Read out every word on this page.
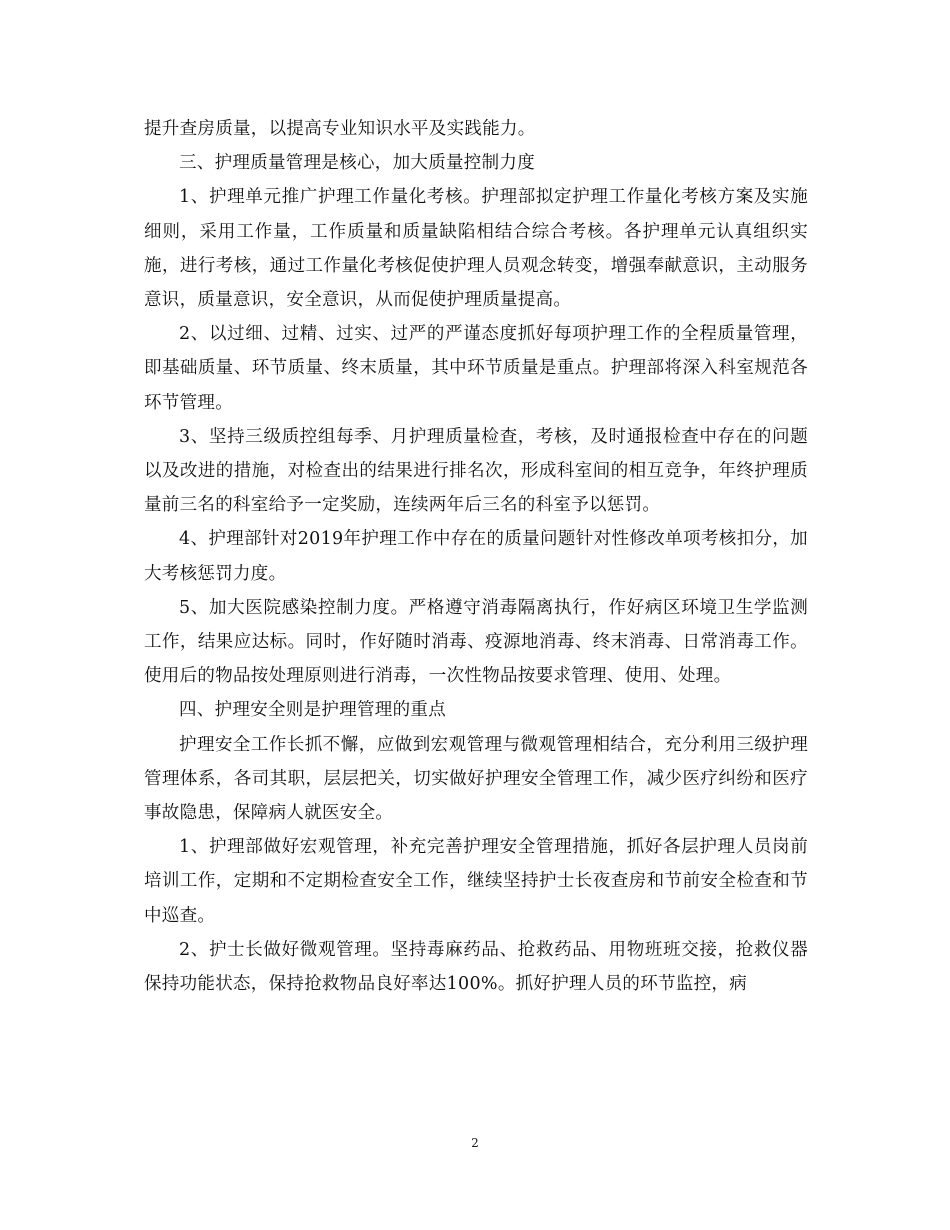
提升查房质量，以提高专业知识水平及实践能力。

三、护理质量管理是核心，加大质量控制力度

1、护理单元推广护理工作量化考核。护理部拟定护理工作量化考核方案及实施细则，采用工作量，工作质量和质量缺陷相结合综合考核。各护理单元认真组织实施，进行考核，通过工作量化考核促使护理人员观念转变，增强奉献意识，主动服务意识，质量意识，安全意识，从而促使护理质量提高。

2、以过细、过精、过实、过严的严谨态度抓好每项护理工作的全程质量管理，即基础质量、环节质量、终末质量，其中环节质量是重点。护理部将深入科室规范各环节管理。

3、坚持三级质控组每季、月护理质量检查，考核，及时通报检查中存在的问题以及改进的措施，对检查出的结果进行排名次，形成科室间的相互竞争，年终护理质量前三名的科室给予一定奖励，连续两年后三名的科室予以惩罚。

4、护理部针对2019年护理工作中存在的质量问题针对性修改单项考核扣分，加大考核惩罚力度。

5、加大医院感染控制力度。严格遵守消毒隔离执行，作好病区环境卫生学监测工作，结果应达标。同时，作好随时消毒、疫源地消毒、终末消毒、日常消毒工作。使用后的物品按处理原则进行消毒，一次性物品按要求管理、使用、处理。

四、护理安全则是护理管理的重点

护理安全工作长抓不懈，应做到宏观管理与微观管理相结合，充分利用三级护理管理体系，各司其职，层层把关，切实做好护理安全管理工作，减少医疗纠纷和医疗事故隐患，保障病人就医安全。

1、护理部做好宏观管理，补充完善护理安全管理措施，抓好各层护理人员岗前培训工作，定期和不定期检查安全工作，继续坚持护士长夜查房和节前安全检查和节中巡查。

2、护士长做好微观管理。坚持毒麻药品、抢救药品、用物班班交接，抢救仪器保持功能状态，保持抢救物品良好率达100%。抓好护理人员的环节监控，病

2
